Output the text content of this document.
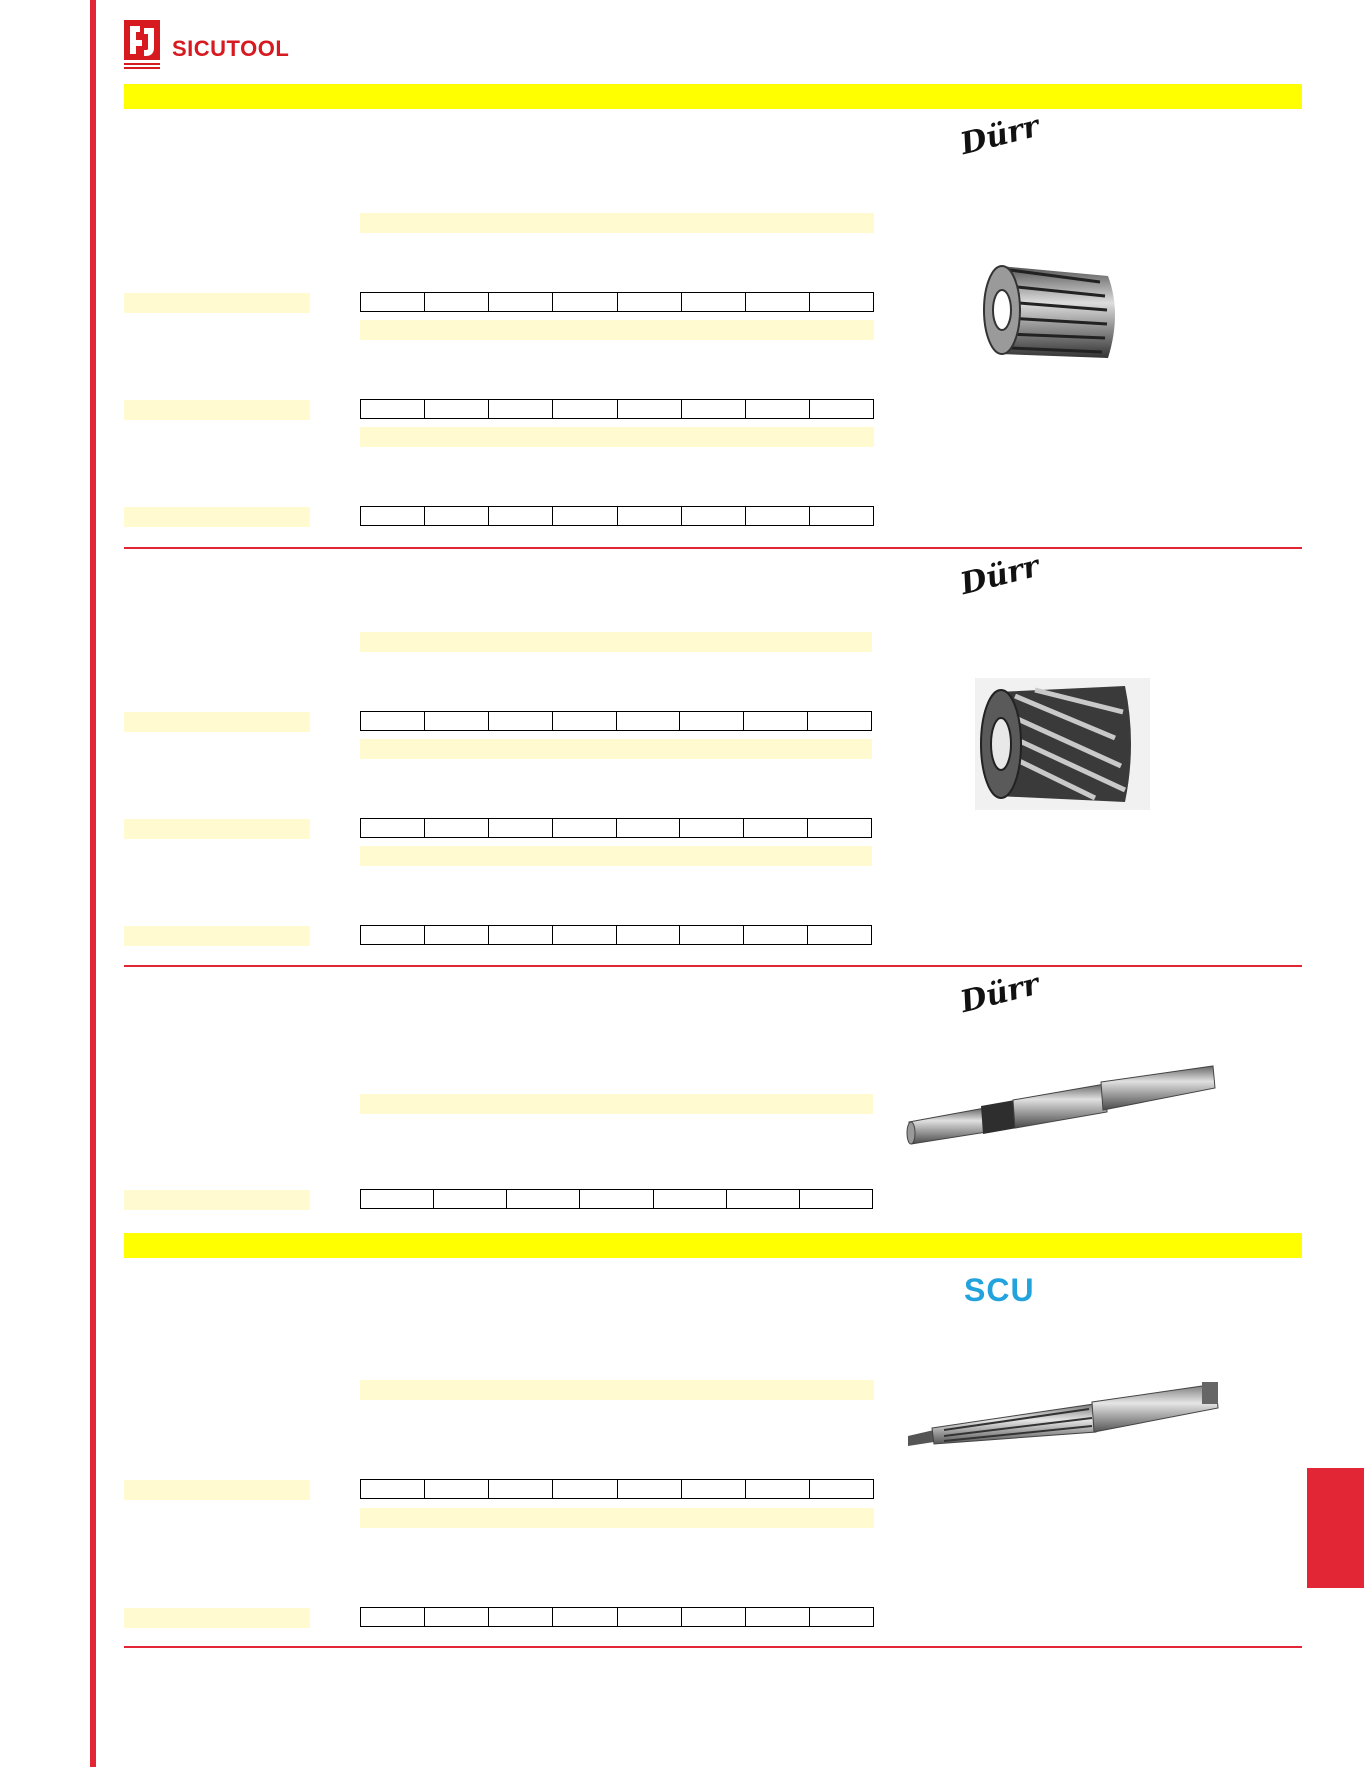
SICUTOOL
Dürr
Dürr
Dürr
SCU
